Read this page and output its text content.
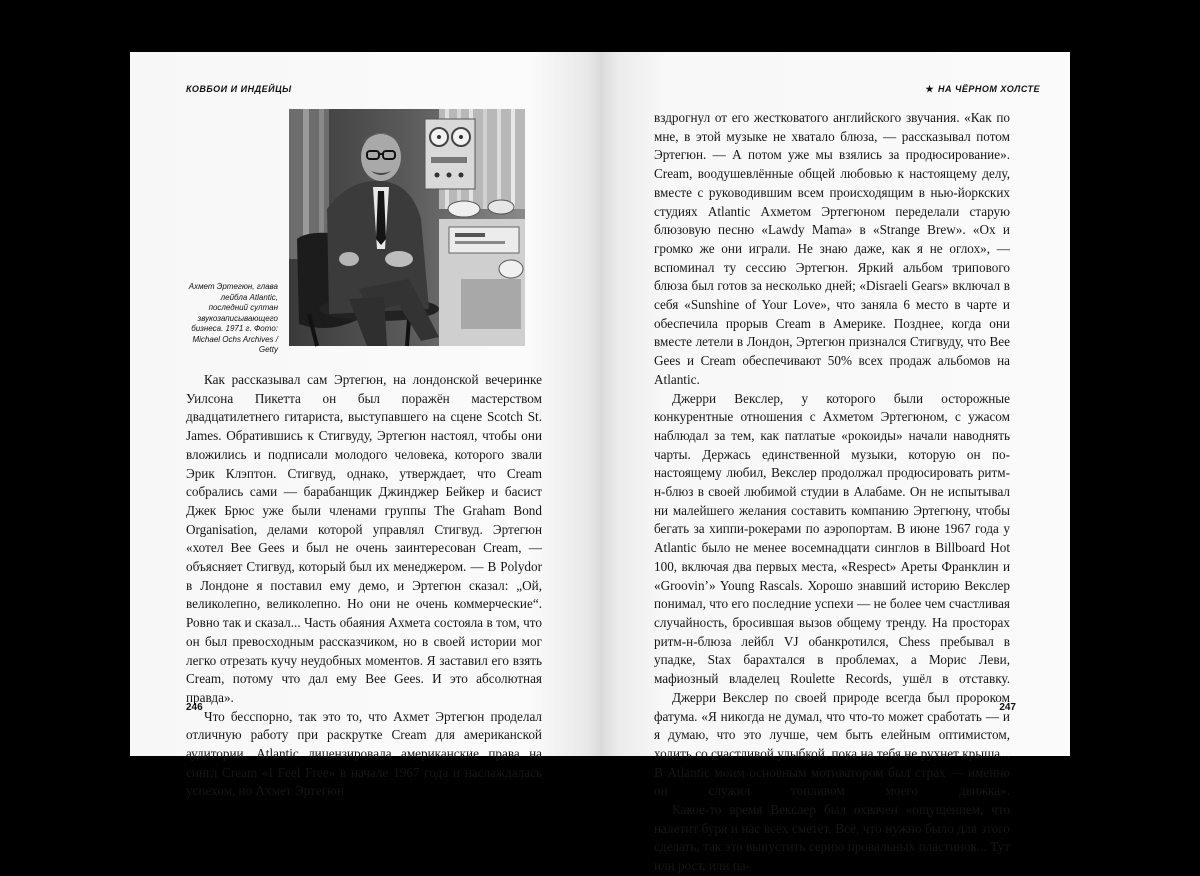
КОВБОИ И ИНДЕЙЦЫ
Ахмет Эртегюн, глава лейбла Atlantic, последний султан звукозаписывающего бизнеса. 1971 г. Фото: Michael Ochs Archives / Getty

Как рассказывал сам Эртегюн, на лондонской вечеринке Уилсона Пикетта он был поражён мастерством двадцатилетнего гитариста, выступавшего на сцене Scotch St. James. Обратившись к Стигвуду, Эртегюн настоял, чтобы они вложились и подписали молодого человека, которого звали Эрик Клэптон. Стигвуд, однако, утверждает, что Cream собрались сами — барабанщик Джинджер Бейкер и басист Джек Брюс уже были членами группы The Graham Bond Organisation, делами которой управлял Стигвуд. Эртегюн «хотел Bee Gees и был не очень заинтересован Cream, — объясняет Стигвуд, который был их менеджером. — В Polydor в Лондоне я поставил ему демо, и Эртегюн сказал: „Ой, великолепно, великолепно. Но они не очень коммерческие“. Ровно так и сказал... Часть обаяния Ахмета состояла в том, что он был превосходным рассказчиком, но в своей истории мог легко отрезать кучу неудобных моментов. Я заставил его взять Cream, потому что дал ему Bee Gees. И это абсолютная правда».

Что бесспорно, так это то, что Ахмет Эртегюн проделал отличную работу при раскрутке Cream для американской аудитории. Atlantic лицензировала американские права на сингл Cream «I Feel Free» в начале 1967 года и наслаждалась успехом, но Ахмет Эртегюн

246
★ НА ЧЁРНОМ ХОЛСТЕ

вздрогнул от его жестковатого английского звучания. «Как по мне, в этой музыке не хватало блюза, — рассказывал потом Эртегюн. — А потом уже мы взялись за продюсирование». Cream, воодушевлённые общей любовью к настоящему делу, вместе с руководившим всем происходящим в нью-йоркских студиях Atlantic Ахметом Эртегюном переделали старую блюзовую песню «Lawdy Mama» в «Strange Brew». «Ох и громко же они играли. Не знаю даже, как я не оглох», — вспоминал ту сессию Эртегюн. Яркий альбом трипового блюза был готов за несколько дней; «Disraeli Gears» включал в себя «Sunshine of Your Love», что заняла 6 место в чарте и обеспечила прорыв Cream в Америке. Позднее, когда они вместе летели в Лондон, Эртегюн признался Стигвуду, что Bee Gees и Cream обеспечивают 50% всех продаж альбомов на Atlantic.

Джерри Векслер, у которого были осторожные конкурентные отношения с Ахметом Эртегюном, с ужасом наблюдал за тем, как патлатые «рокоиды» начали наводнять чарты. Держась единственной музыки, которую он по-настоящему любил, Векслер продолжал продюсировать ритм-н-блюз в своей любимой студии в Алабаме. Он не испытывал ни малейшего желания составить компанию Эртегюну, чтобы бегать за хиппи-рокерами по аэропортам. В июне 1967 года у Atlantic было не менее восемнадцати синглов в Billboard Hot 100, включая два первых места, «Respect» Ареты Франклин и «Groovin’» Young Rascals. Хорошо знавший историю Векслер понимал, что его последние успехи — не более чем счастливая случайность, бросившая вызов общему тренду. На просторах ритм-н-блюза лейбл VJ обанкротился, Chess пребывал в упадке, Stax барахтался в проблемах, а Морис Леви, мафиозный владелец Roulette Records, ушёл в отставку.

Джерри Векслер по своей природе всегда был пророком фатума. «Я никогда не думал, что что-то может сработать — и я думаю, что это лучше, чем быть елейным оптимистом, ходить со счастливой улыбкой, пока на тебя не рухнет крыша... В Atlantic моим основным мотиватором был страх — именно он служил топливом моего движка».

Какое-то время Векслер был охвачен «ощущением, что налетит буря и нас всех сметёт. Всё, что нужно было для этого сделать, так это выпустить серию провальных пластинок... Тут или рост, или па-

247
